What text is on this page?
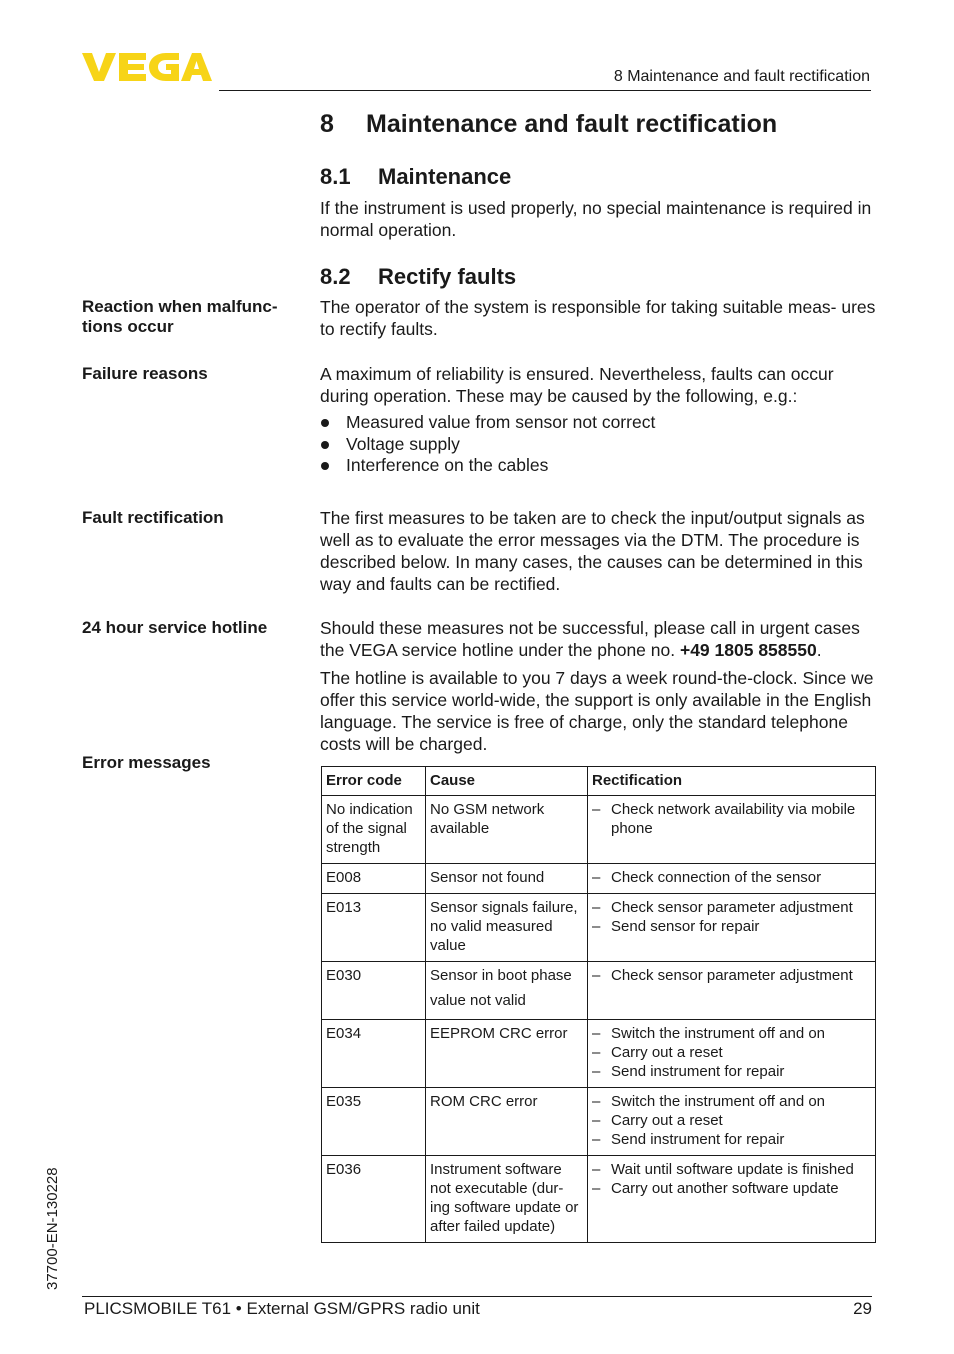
8 Maintenance and fault rectification
8 Maintenance and fault rectification
8.1 Maintenance

If the instrument is used properly, no special maintenance is required in normal operation.

8.2 Rectify faults
Reaction when malfunc- tions occur

The operator of the system is responsible for taking suitable meas- ures to rectify faults.

Failure reasons	A maximum of reliability is ensured. Nevertheless, faults can occur during operation. These may be caused by the following, e.g.:

Measured value from sensor not correct
Voltage supply
Interference on the cables
Fault rectification	The first measures to be taken are to check the input/output signals as well as to evaluate the error messages via the DTM. The procedure is described below. In many cases, the causes can be determined in this way and faults can be rectified.

24 hour service hotline	Should these measures not be successful, please call in urgent cases the VEGA service hotline under the phone no. +49 1805 858550.

The hotline is available to you 7 days a week round-the-clock. Since we offer this service world-wide, the support is only available in the English language. The service is free of charge, only the standard telephone costs will be charged.

Error messages
Error code	Cause	Rectification
No indication of the signal strength	No GSM network available	– Check network availability via mobile phone

E008	Sensor not found	– Check connection of the sensor

E013	Sensor signals failure, no valid measured value	– Check sensor parameter adjustment
– Send sensor for repair

E030	Sensor in boot phase value not valid	– Check sensor parameter adjustment

E034	EEPROM CRC error	– Switch the instrument off and on
– Carry out a reset
– Send instrument for repair

E035	ROM CRC error	– Switch the instrument off and on
– Carry out a reset
– Send instrument for repair

E036	Instrument software not executable (dur- ing software update or after failed update)	– Wait until software update is finished
– Carry out another software update
37700-EN-130228
PLICSMOBILE T61 • External GSM/GPRS radio unit	29
